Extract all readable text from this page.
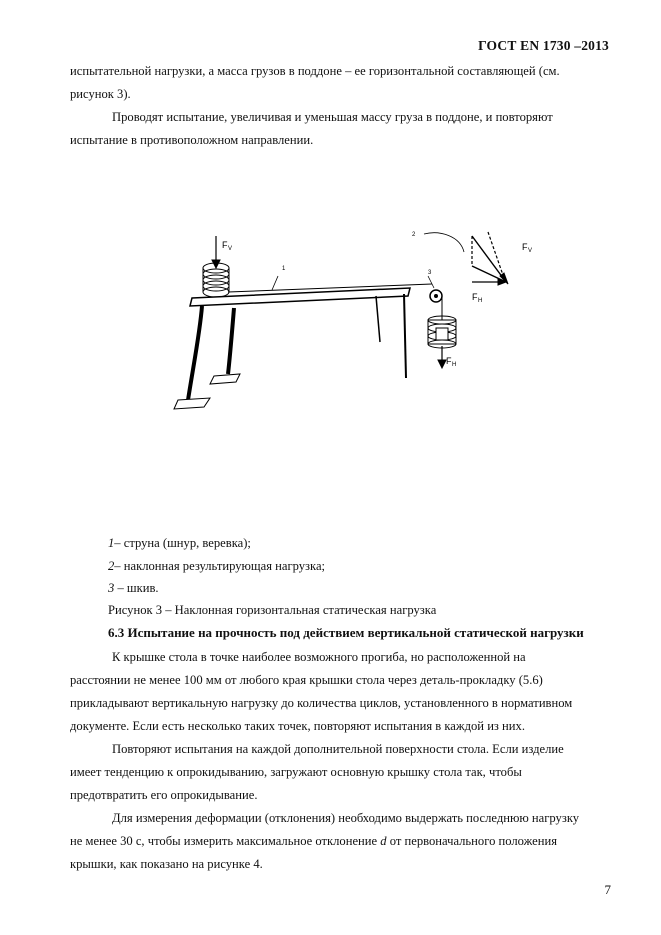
ГОСТ EN 1730 –2013
испытательной нагрузки, а масса грузов в поддоне – ее горизонтальной составляющей (см.
рисунок 3).
Проводят испытание, увеличивая и уменьшая массу груза в поддоне, и повторяют
испытание в противоположном направлении.
F V
1
2
3
F V
F H
F H
1– струна (шнур, веревка);
2– наклонная результирующая нагрузка;
3 – шкив.
Рисунок 3 – Наклонная горизонтальная статическая нагрузка
6.3 Испытание на прочность под действием вертикальной статической нагрузки
К крышке стола в точке наиболее возможного прогиба, но расположенной на
расстоянии не менее 100 мм от любого края крышки стола через деталь-прокладку (5.6)
прикладывают вертикальную нагрузку до количества циклов, установленного в нормативном
документе. Если есть несколько таких точек, повторяют испытания в каждой из них.
Повторяют испытания на каждой дополнительной поверхности стола. Если изделие
имеет тенденцию к опрокидыванию, загружают основную крышку стола так, чтобы
предотвратить его опрокидывание.
Для измерения деформации (отклонения) необходимо выдержать последнюю нагрузку
не менее 30 с, чтобы измерить максимальное отклонение d от первоначального положения
крышки, как показано на рисунке 4.
7
